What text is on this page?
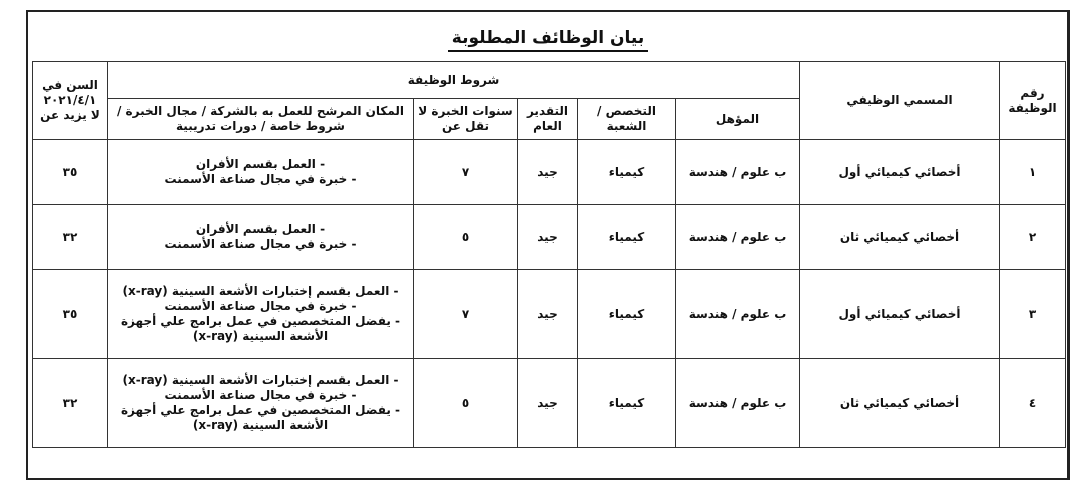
بيان الوظائف المطلوبة
رقم الوظيفة	المسمي الوظيفي	شروط الوظيفة					السن في
٢٠٢١/٤/١
لا يزيد عن

		المؤهل	التخصص / الشعبة	التقدير العام	سنوات الخبرة لا تقل عن	المكان المرشح للعمل به بالشركة / مجال الخبرة / شروط خاصة / دورات تدريبية	
١	أخصائي كيميائي أول	ب علوم / هندسة	كيمياء	جيد	٧	- العمل بقسم الأفران
- خبرة في مجال صناعة الأسمنت	٣٥
٢	أخصائي كيميائي ثان	ب علوم / هندسة	كيمياء	جيد	٥	- العمل بقسم الأفران
- خبرة في مجال صناعة الأسمنت	٣٢
٣	أخصائي كيميائي أول	ب علوم / هندسة	كيمياء	جيد	٧	- العمل بقسم إختبارات الأشعة السينية (x-ray)
- خبرة في مجال صناعة الأسمنت
- يفضل المتخصصين في عمل برامج علي أجهزة
الأشعة السينية (x-ray)	٣٥
٤	أخصائي كيميائي ثان	ب علوم / هندسة	كيمياء	جيد	٥	- العمل بقسم إختبارات الأشعة السينية (x-ray)
- خبرة في مجال صناعة الأسمنت
- يفضل المتخصصين في عمل برامج علي أجهزة
الأشعة السينية (x-ray)	٣٢
